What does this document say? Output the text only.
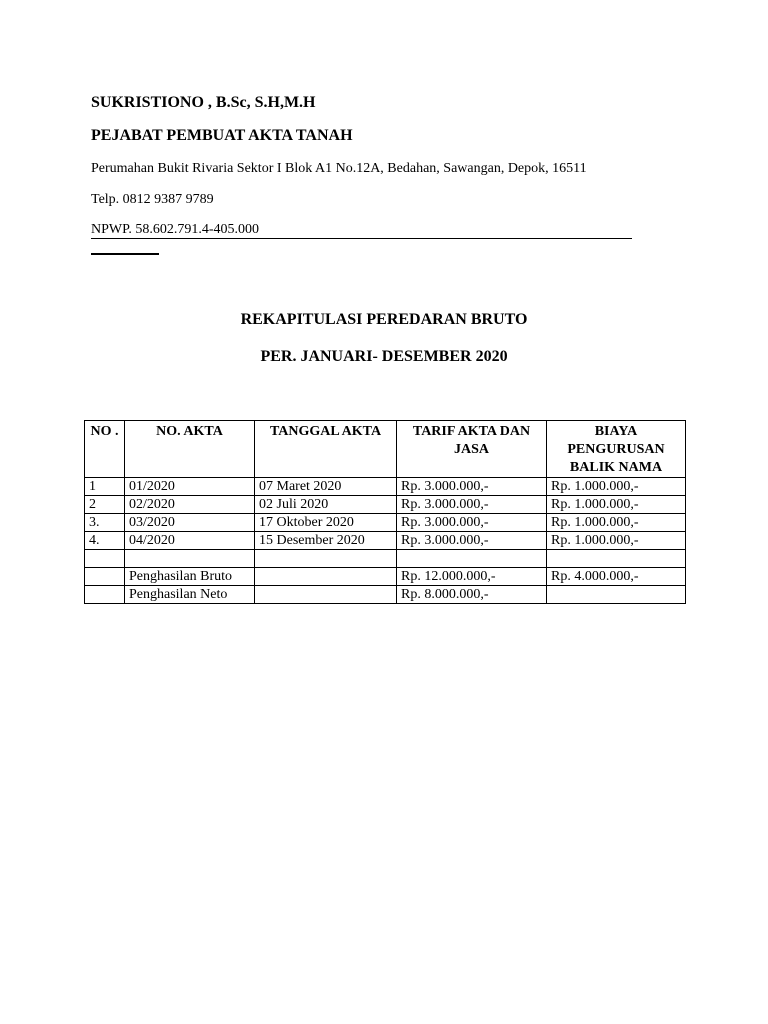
SUKRISTIONO , B.Sc, S.H,M.H
PEJABAT PEMBUAT AKTA TANAH
Perumahan Bukit Rivaria Sektor I Blok A1 No.12A, Bedahan, Sawangan, Depok, 16511
Telp. 0812 9387 9789
NPWP. 58.602.791.4-405.000
REKAPITULASI PEREDARAN BRUTO
PER. JANUARI- DESEMBER 2020
NO .	NO. AKTA	TANGGAL AKTA	TARIF AKTA DAN JASA	BIAYA PENGURUSAN BALIK NAMA
1	01/2020	07 Maret 2020	Rp. 3.000.000,-	Rp. 1.000.000,-
2	02/2020	02 Juli 2020	Rp. 3.000.000,-	Rp. 1.000.000,-
3.	03/2020	17 Oktober 2020	Rp. 3.000.000,-	Rp. 1.000.000,-
4.	04/2020	15 Desember 2020	Rp. 3.000.000,-	Rp. 1.000.000,-

	Penghasilan Bruto		Rp. 12.000.000,-	Rp. 4.000.000,-
	Penghasilan Neto		Rp. 8.000.000,-	
